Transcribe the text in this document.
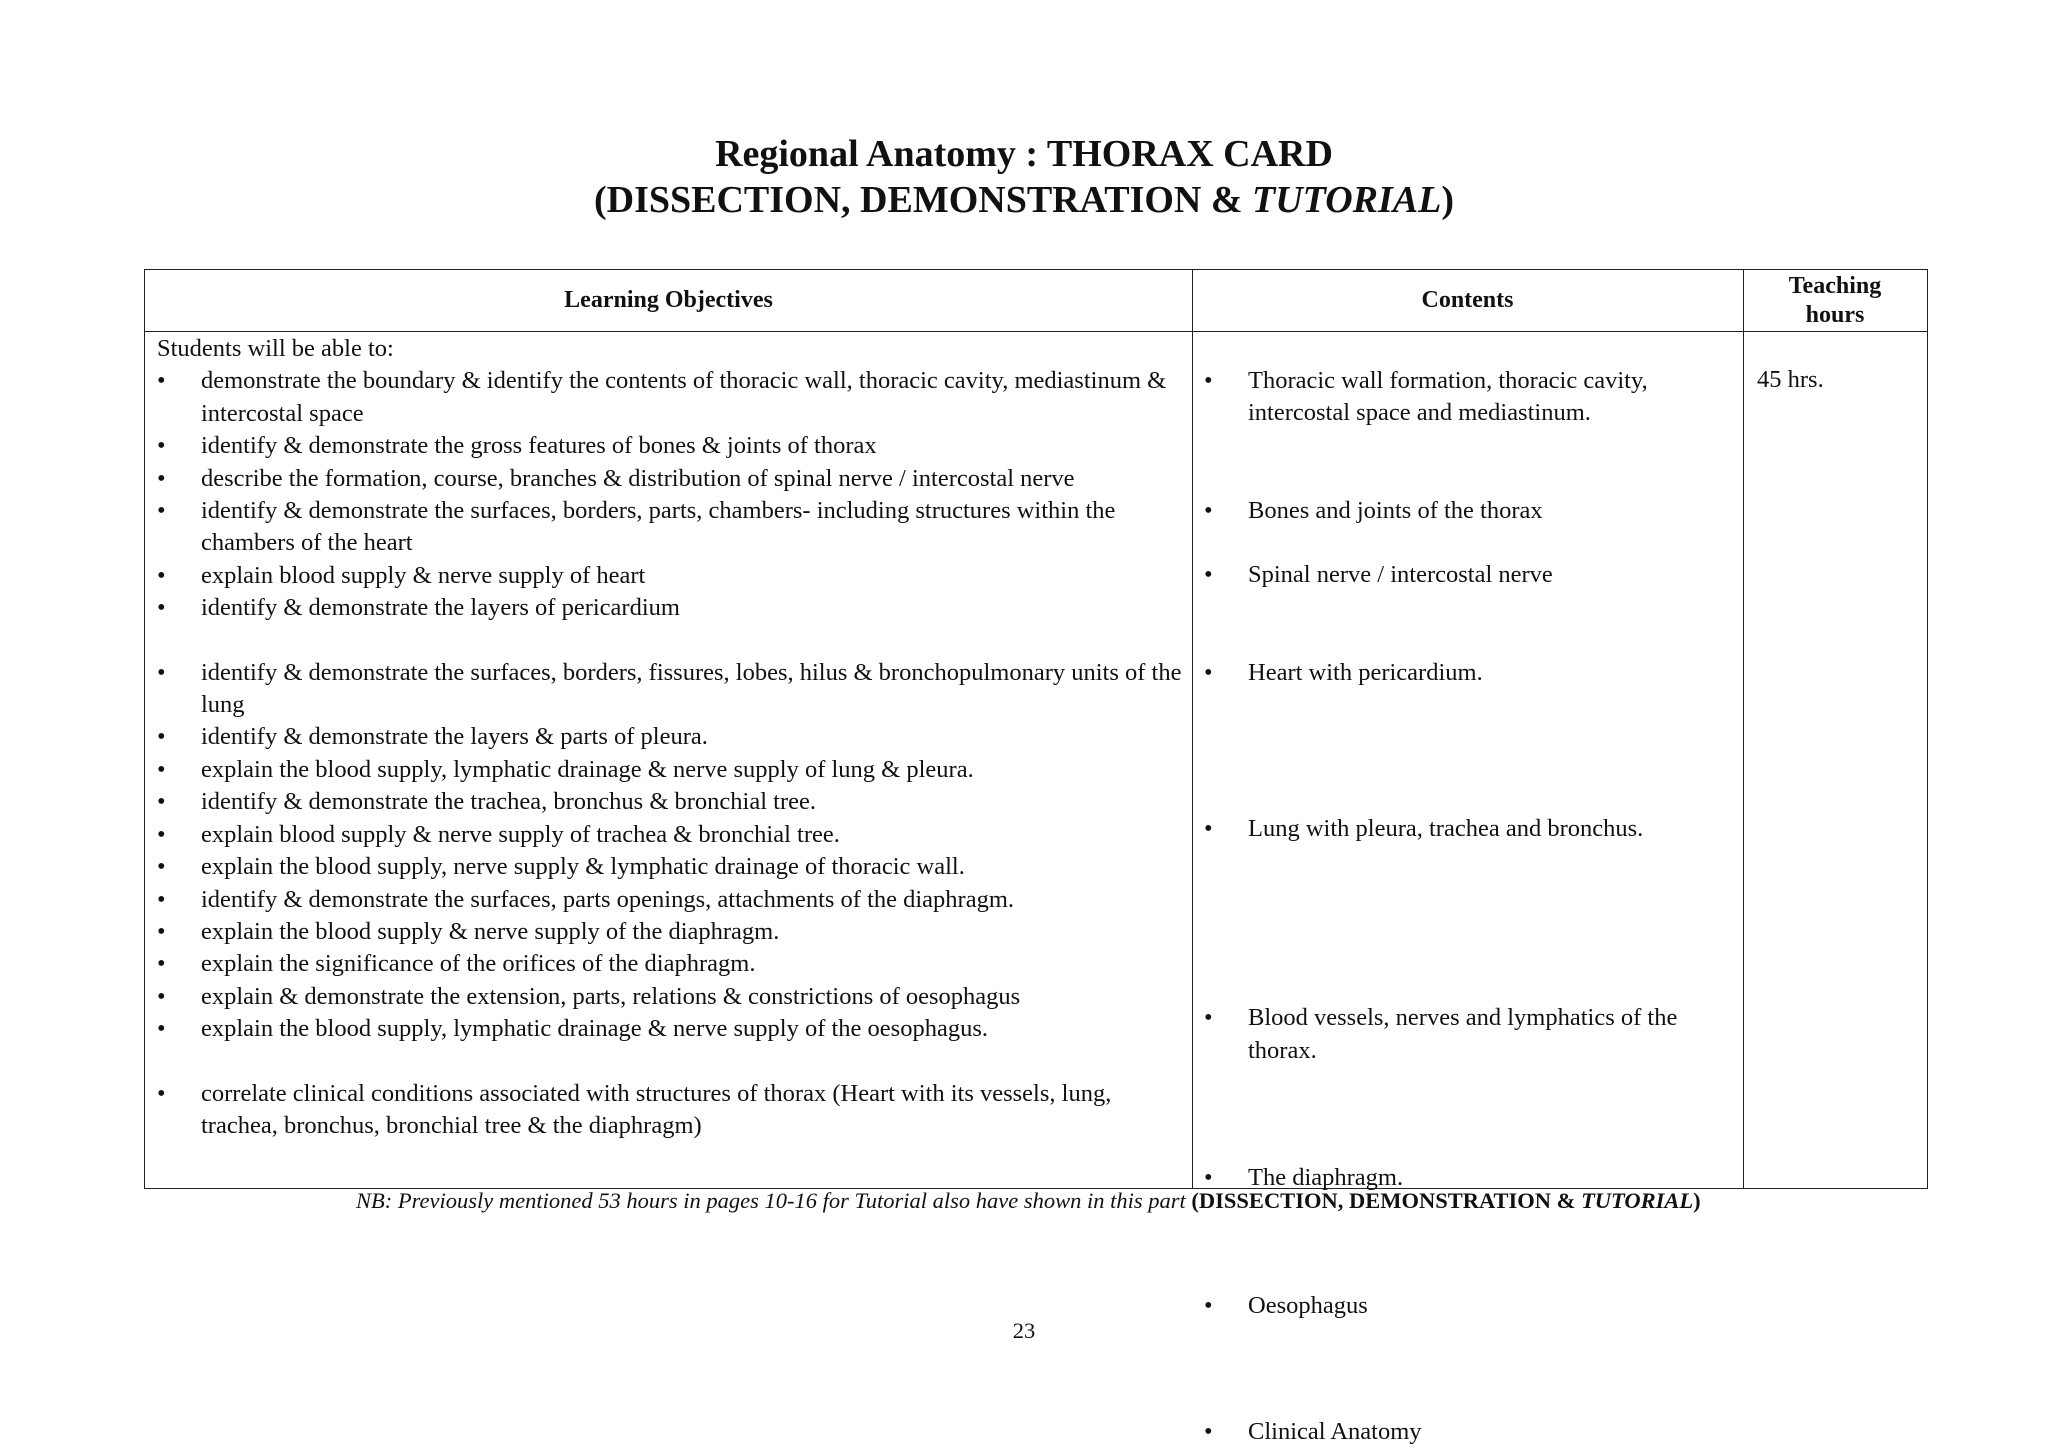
Regional Anatomy : THORAX CARD
(DISSECTION, DEMONSTRATION & TUTORIAL)
Learning Objectives	Contents
Teaching hours
Students will be able to:
• demonstrate the boundary & identify the contents of thoracic wall, thoracic cavity, mediastinum & intercostal space
• identify & demonstrate the gross features of bones & joints of thorax
• describe the formation, course, branches & distribution of spinal nerve / intercostal nerve
• identify & demonstrate the surfaces, borders, parts, chambers- including structures within the chambers of the heart
• explain blood supply & nerve supply of heart
• identify & demonstrate the layers of pericardium
• identify & demonstrate the surfaces, borders, fissures, lobes, hilus & bronchopulmonary units of the lung
• identify & demonstrate the layers & parts of pleura.
• explain the blood supply, lymphatic drainage & nerve supply of lung & pleura.
• identify & demonstrate the trachea, bronchus & bronchial tree.
• explain blood supply & nerve supply of trachea & bronchial tree.
• explain the blood supply, nerve supply & lymphatic drainage of thoracic wall.
• identify & demonstrate the surfaces, parts openings, attachments of the diaphragm.
• explain the blood supply & nerve supply of the diaphragm.
• explain the significance of the orifices of the diaphragm.
• explain & demonstrate the extension, parts, relations & constrictions of oesophagus
• explain the blood supply, lymphatic drainage & nerve supply of the oesophagus.
• correlate clinical conditions associated with structures of thorax (Heart with its vessels, lung, trachea, bronchus, bronchial tree & the diaphragm)
• Thoracic wall formation, thoracic cavity, intercostal space and mediastinum.
• Bones and joints of the thorax
• Spinal nerve / intercostal nerve
• Heart with pericardium.
• Lung with pleura, trachea and bronchus.
• Blood vessels, nerves and lymphatics of the thorax.
• The diaphragm.
• Oesophagus
• Clinical Anatomy
45 hrs.
NB: Previously mentioned 53 hours in pages 10-16 for Tutorial also have shown in this part (DISSECTION, DEMONSTRATION & TUTORIAL)
23
